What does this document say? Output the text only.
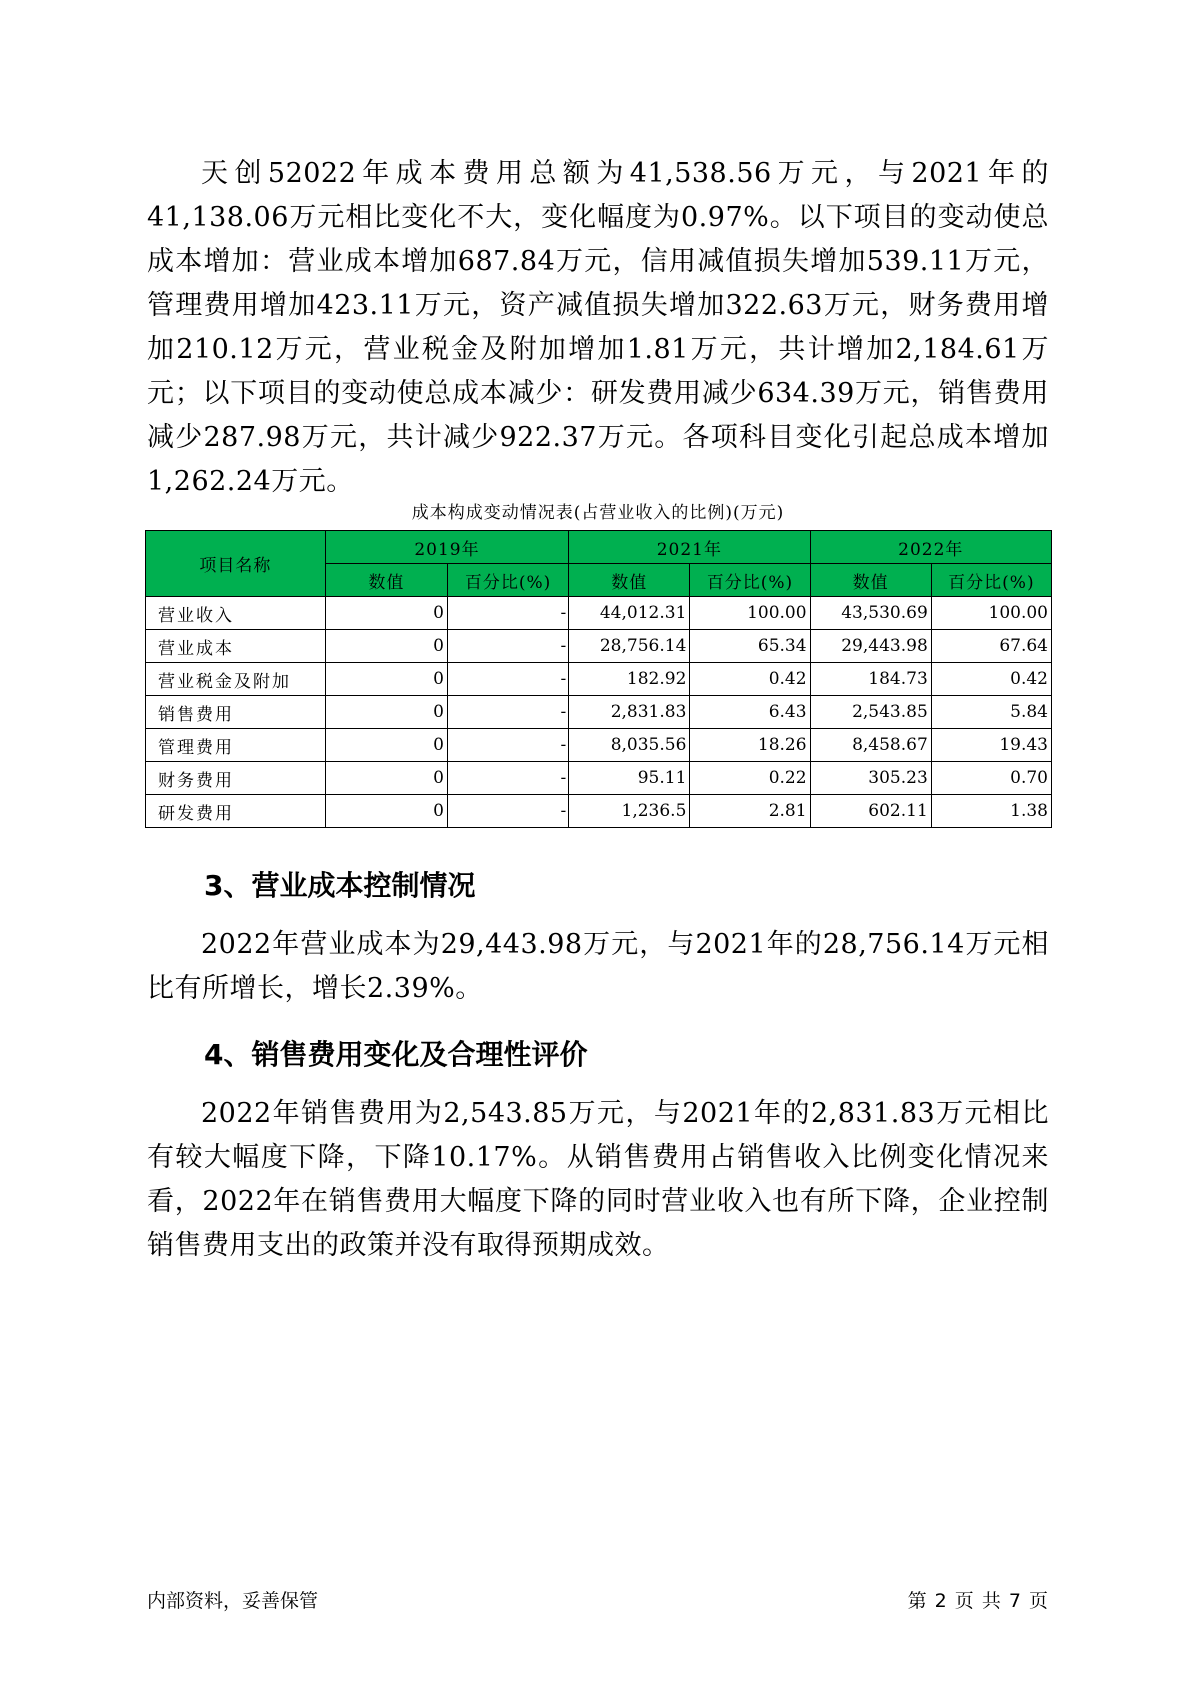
天创52022年成本费用总额为41,538.56万元，与2021年的41,138.06万元相比变化不大，变化幅度为0.97%。以下项目的变动使总成本增加：营业成本增加687.84万元，信用减值损失增加539.11万元，管理费用增加423.11万元，资产减值损失增加322.63万元，财务费用增加210.12万元，营业税金及附加增加1.81万元，共计增加2,184.61万元；以下项目的变动使总成本减少：研发费用减少634.39万元，销售费用减少287.98万元，共计减少922.37万元。各项科目变化引起总成本增加1,262.24万元。

成本构成变动情况表(占营业收入的比例)(万元)
项目名称	2019年		2021年		2022年	
	数值	百分比(%)	数值	百分比(%)	数值	百分比(%)
营业收入	0	-	44,012.31	100.00	43,530.69	100.00
营业成本	0	-	28,756.14	65.34	29,443.98	67.64
营业税金及附加	0	-	182.92	0.42	184.73	0.42
销售费用	0	-	2,831.83	6.43	2,543.85	5.84
管理费用	0	-	8,035.56	18.26	8,458.67	19.43
财务费用	0	-	95.11	0.22	305.23	0.70
研发费用	0	-	1,236.5	2.81	602.11	1.38
3、营业成本控制情况

2022年营业成本为29,443.98万元，与2021年的28,756.14万元相比有所增长，增长2.39%。

4、销售费用变化及合理性评价

2022年销售费用为2,543.85万元，与2021年的2,831.83万元相比有较大幅度下降，下降10.17%。从销售费用占销售收入比例变化情况来看，2022年在销售费用大幅度下降的同时营业收入也有所下降，企业控制销售费用支出的政策并没有取得预期成效。

内部资料，妥善保管	第 2 页 共 7 页
